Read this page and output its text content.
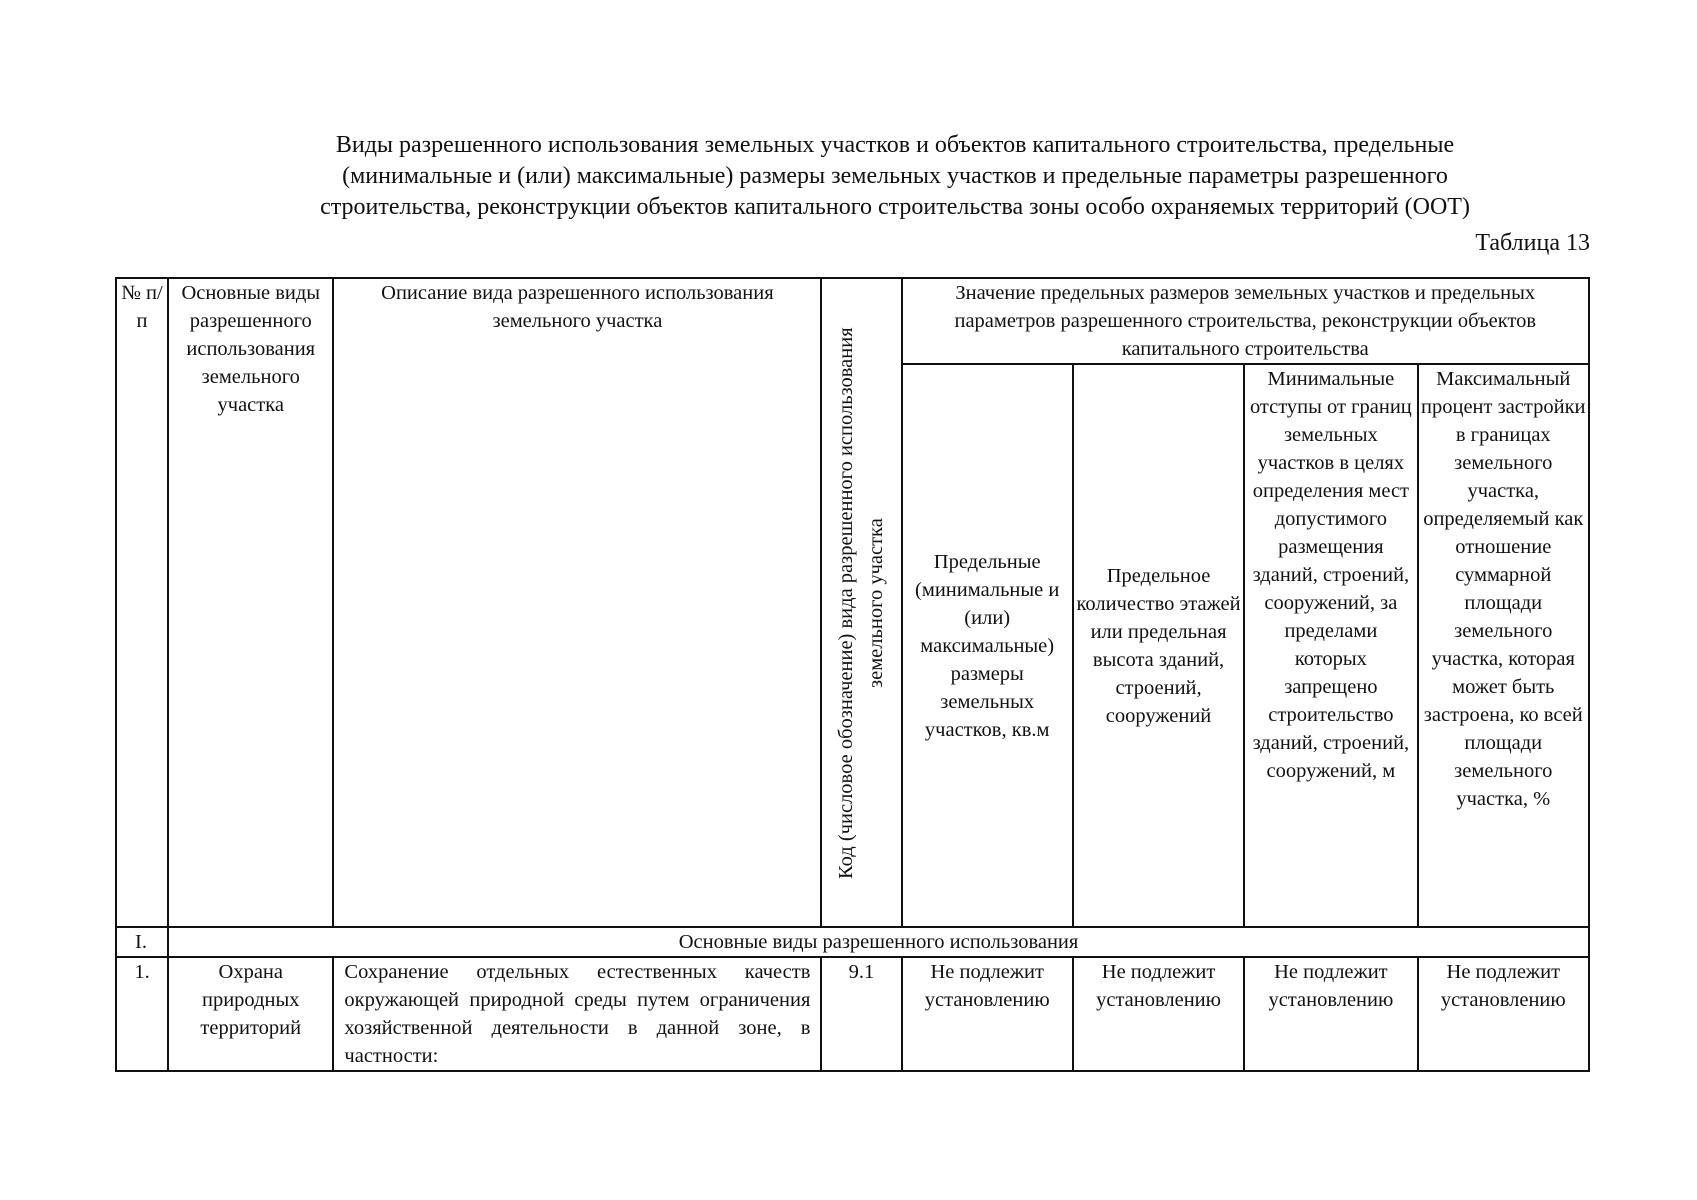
Виды разрешенного использования земельных участков и объектов капитального строительства, предельные
(минимальные и (или) максимальные) размеры земельных участков и предельные параметры разрешенного
строительства, реконструкции объектов капитального строительства зоны особо охраняемых территорий (ООТ)
Таблица 13
№ п/п	Основные виды разрешенного использования земельного участка	Описание вида разрешенного использования земельного участка	Код (числовое обозначение) вида разрешенного использования земельного участка	Значение предельных размеров земельных участков и предельных параметров разрешенного строительства, реконструкции объектов капитального строительства			
				Предельные (минимальные и (или) максимальные) размеры земельных участков, кв.м	Предельное количество этажей или предельная высота зданий, строений, сооружений	Минимальные отступы от границ земельных участков в целях определения мест допустимого размещения зданий, строений, сооружений, за пределами которых запрещено строительство зданий, строений, сооружений, м	Максимальный процент застройки в границах земельного участка, определяемый как отношение суммарной площади земельного участка, которая может быть застроена, ко всей площади земельного участка, %
I.	Основные виды разрешенного использования						
1.	Охрана природных территорий	Сохранение отдельных естественных качеств окружающей природной среды путем ограничения хозяйственной деятельности в данной зоне, в частности:	9.1	Не подлежит установлению	Не подлежит установлению	Не подлежит установлению	Не подлежит установлению
